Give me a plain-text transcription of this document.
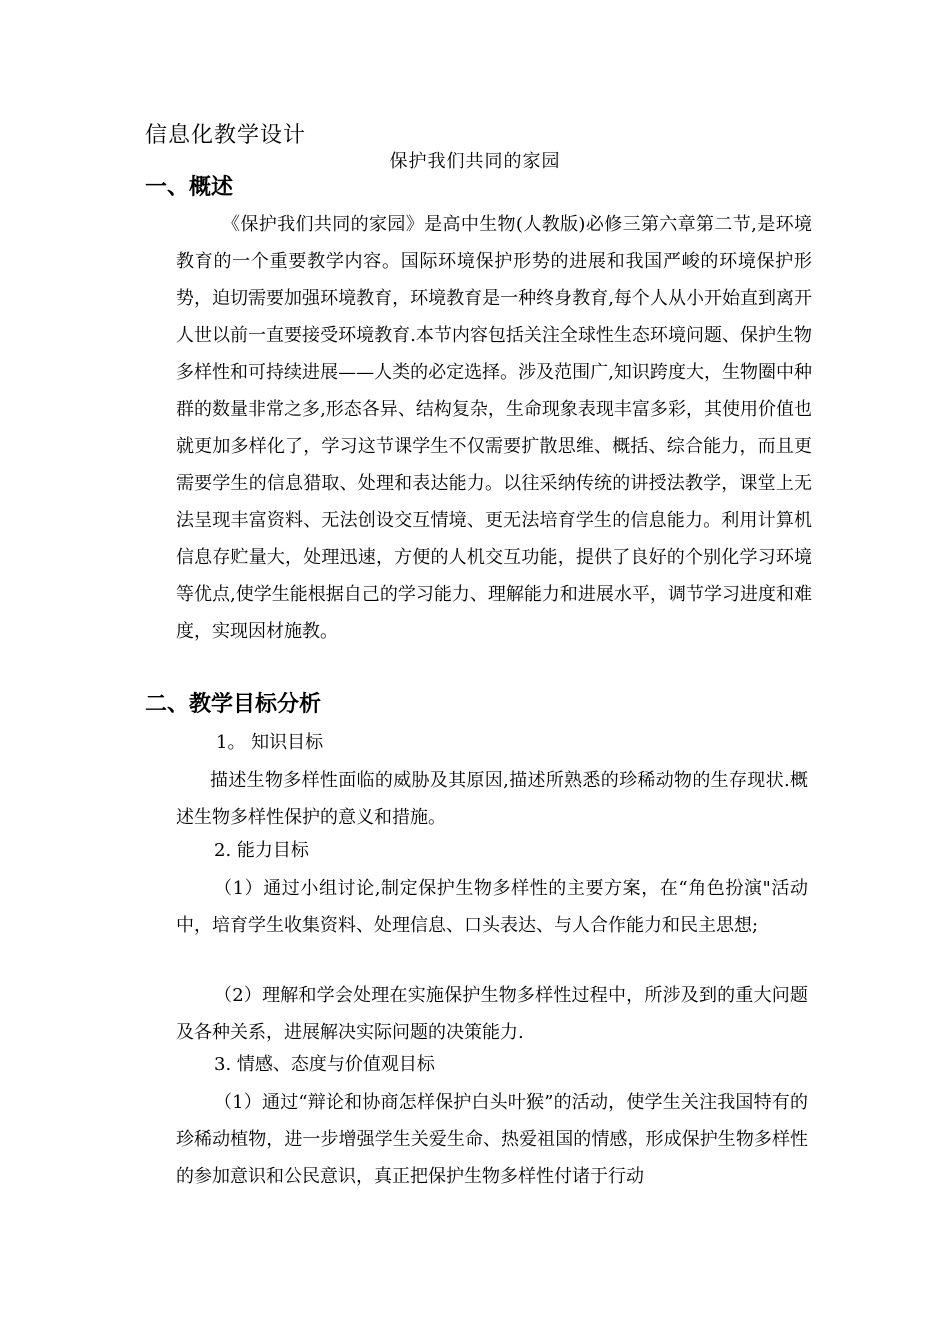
信息化教学设计
保护我们共同的家园
一、概述

《保护我们共同的家园》是高中生物(人教版)必修三第六章第二节,是环境教育的一个重要教学内容。国际环境保护形势的进展和我国严峻的环境保护形势，迫切需要加强环境教育，环境教育是一种终身教育,每个人从小开始直到离开人世以前一直要接受环境教育.本节内容包括关注全球性生态环境问题、保护生物多样性和可持续进展——人类的必定选择。涉及范围广,知识跨度大，生物圈中种群的数量非常之多,形态各异、结构复杂，生命现象表现丰富多彩，其使用价值也就更加多样化了，学习这节课学生不仅需要扩散思维、概括、综合能力，而且更需要学生的信息猎取、处理和表达能力。以往采纳传统的讲授法教学，课堂上无法呈现丰富资料、无法创设交互情境、更无法培育学生的信息能力。利用计算机信息存贮量大，处理迅速，方便的人机交互功能，提供了良好的个别化学习环境等优点,使学生能根据自己的学习能力、理解能力和进展水平，调节学习进度和难度，实现因材施教。

二、教学目标分析
1。 知识目标

描述生物多样性面临的威胁及其原因,描述所熟悉的珍稀动物的生存现状.概述生物多样性保护的意义和措施。

2. 能力目标

（1）通过小组讨论,制定保护生物多样性的主要方案，在“角色扮演"活动中，培育学生收集资料、处理信息、口头表达、与人合作能力和民主思想;

（2）理解和学会处理在实施保护生物多样性过程中，所涉及到的重大问题及各种关系，进展解决实际问题的决策能力.

3. 情感、态度与价值观目标

（1）通过“辩论和协商怎样保护白头叶猴”的活动，使学生关注我国特有的珍稀动植物，进一步增强学生关爱生命、热爱祖国的情感，形成保护生物多样性的参加意识和公民意识，真正把保护生物多样性付诸于行动
